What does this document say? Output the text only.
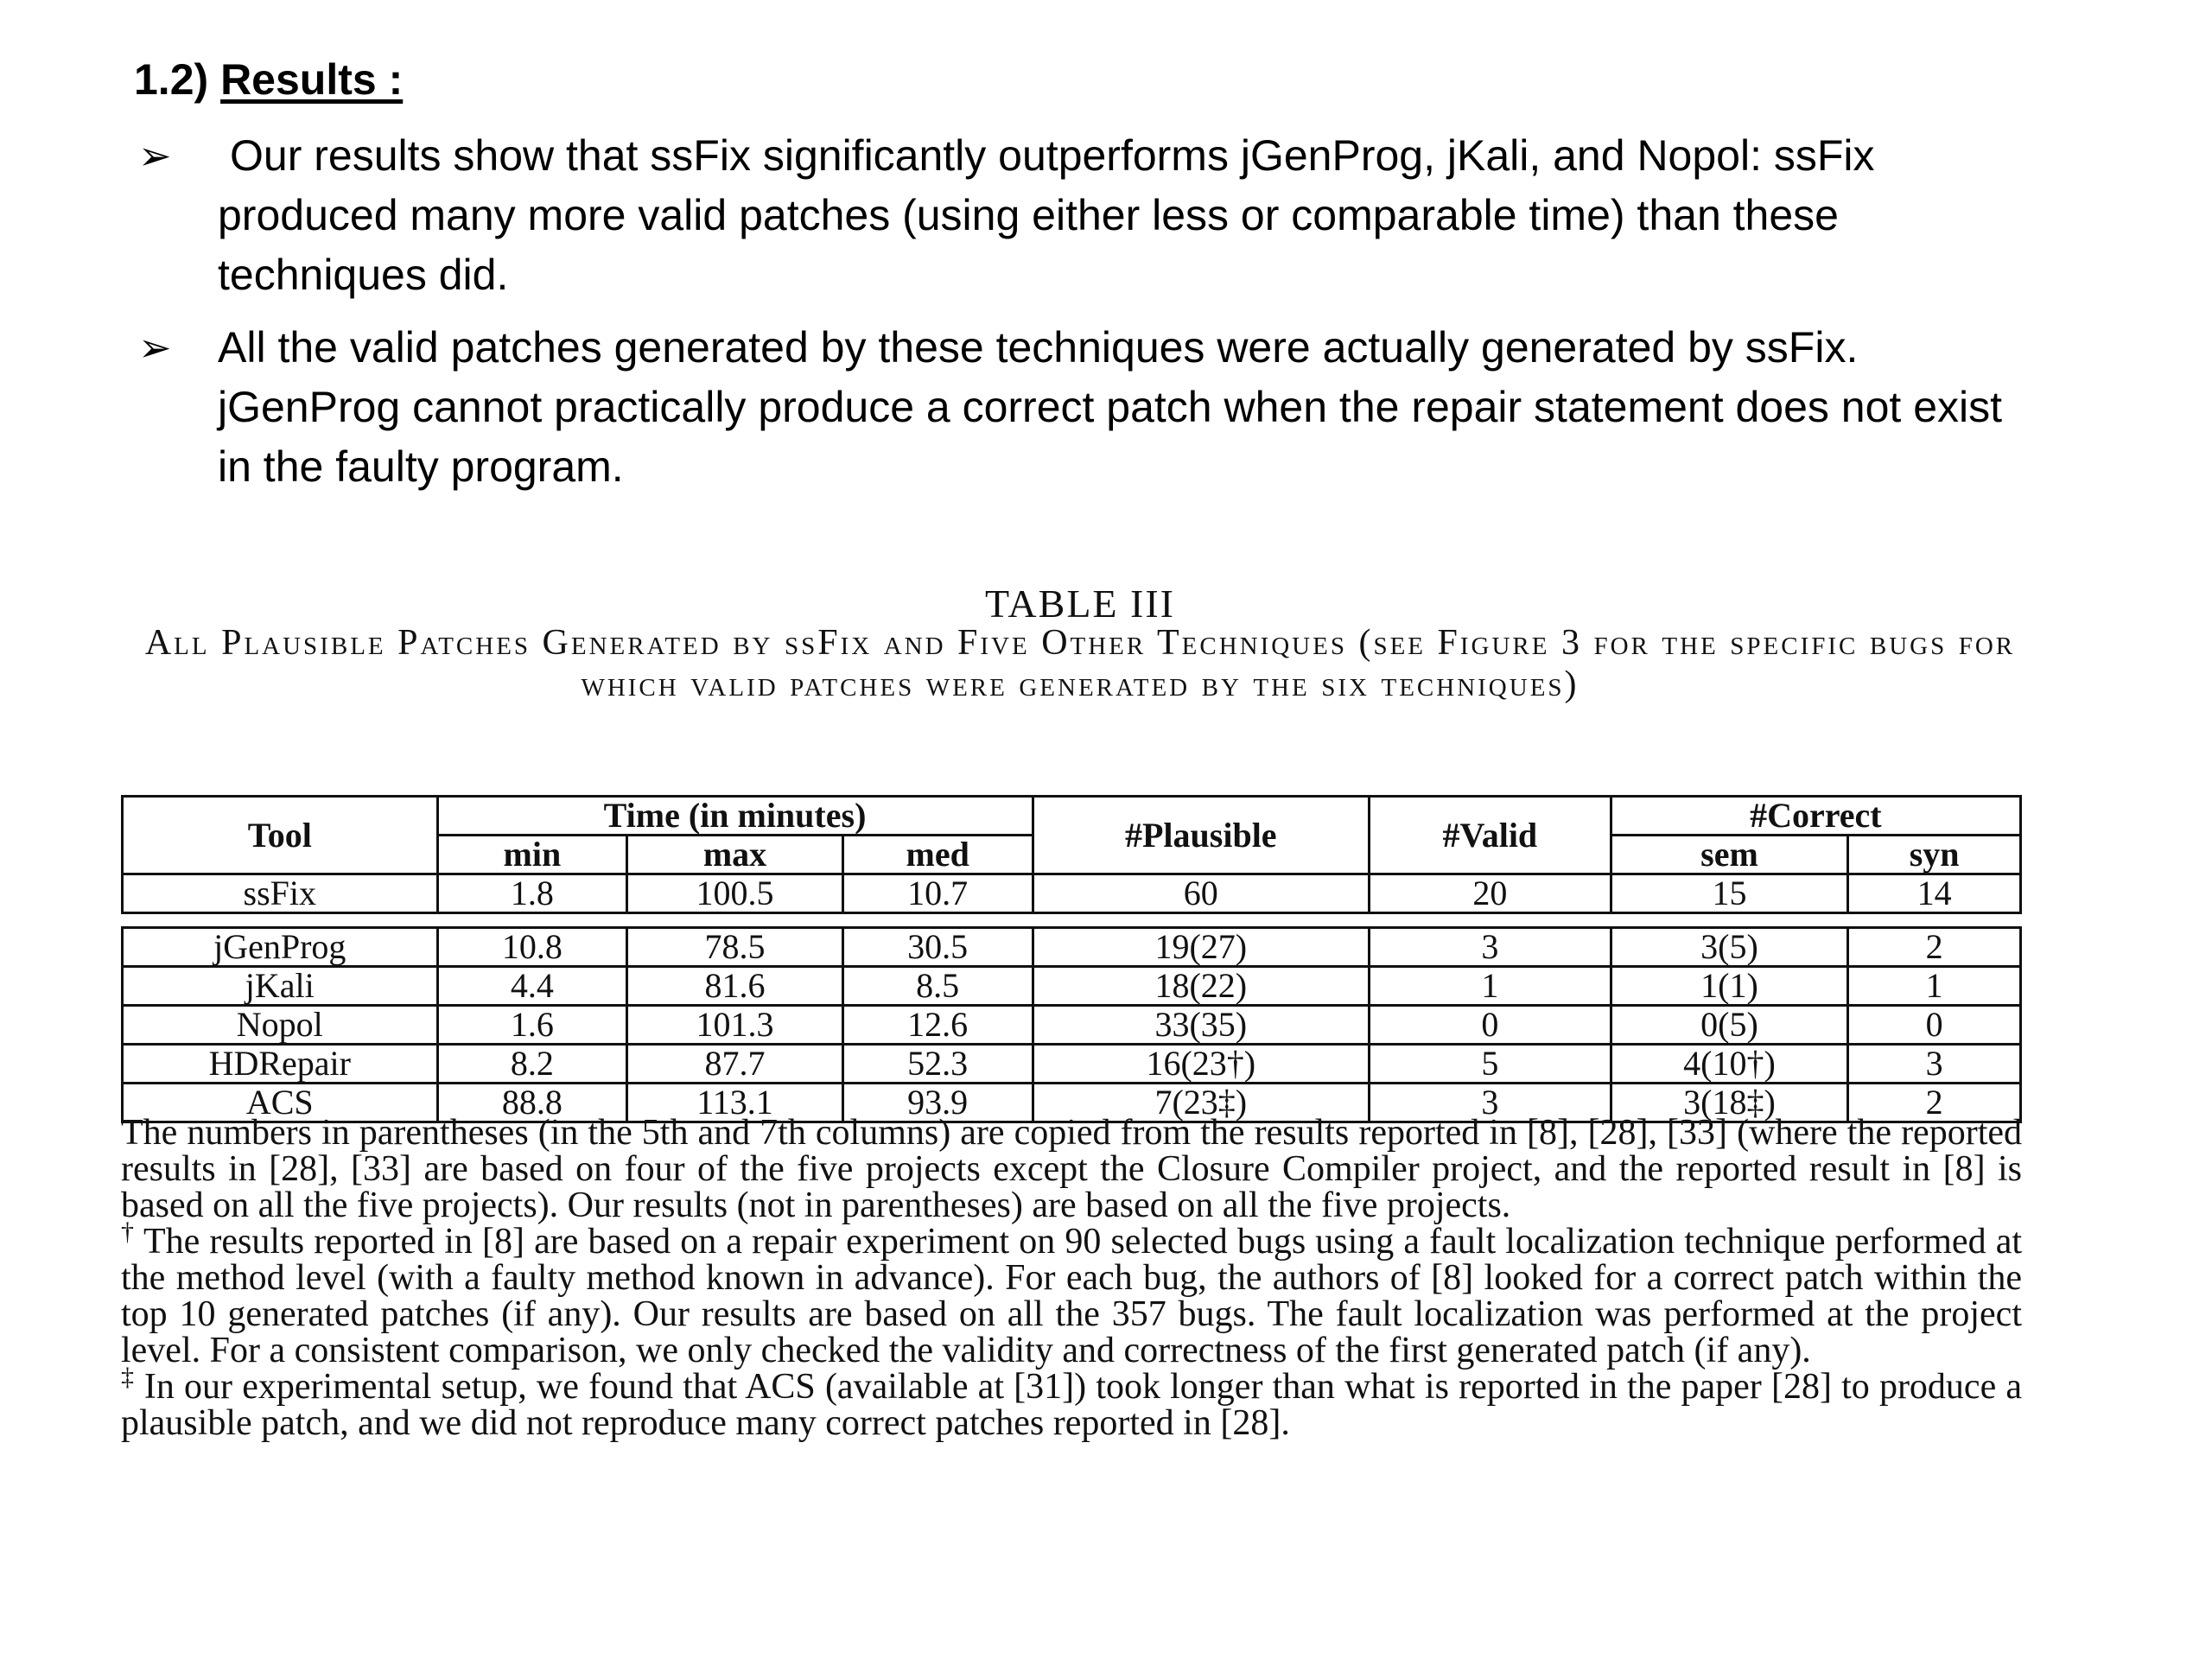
1.2) Results :
➢	Our results show that ssFix significantly outperforms jGenProg, jKali, and Nopol: ssFix produced many more valid patches (using either less or comparable time) than these techniques did.
➢	All the valid patches generated by these techniques were actually generated by ssFix. jGenProg cannot practically produce a correct patch when the repair statement does not exist in the faulty program.
TABLE III
All Plausible Patches Generated by ssFix and Five Other Techniques (see Figure 3 for the specific bugs for which valid patches were generated by the six techniques)
Tool	Time (in minutes)			#Plausible	#Valid	#Correct	
	min	max	med			sem	syn
ssFix	1.8	100.5	10.7	60	20	15	14

jGenProg	10.8	78.5	30.5	19(27)	3	3(5)	2
jKali	4.4	81.6	8.5	18(22)	1	1(1)	1
Nopol	1.6	101.3	12.6	33(35)	0	0(5)	0
HDRepair	8.2	87.7	52.3	16(23†)	5	4(10†)	3
ACS	88.8	113.1	93.9	7(23‡)	3	3(18‡)	2

The numbers in parentheses (in the 5th and 7th columns) are copied from the results reported in [8], [28], [33] (where the reported results in [28], [33] are based on four of the five projects except the Closure Compiler project, and the reported result in [8] is based on all the five projects). Our results (not in parentheses) are based on all the five projects.

† The results reported in [8] are based on a repair experiment on 90 selected bugs using a fault localization technique performed at the method level (with a faulty method known in advance). For each bug, the authors of [8] looked for a correct patch within the top 10 generated patches (if any). Our results are based on all the 357 bugs. The fault localization was performed at the project level. For a consistent comparison, we only checked the validity and correctness of the first generated patch (if any).

‡ In our experimental setup, we found that ACS (available at [31]) took longer than what is reported in the paper [28] to produce a plausible patch, and we did not reproduce many correct patches reported in [28].
